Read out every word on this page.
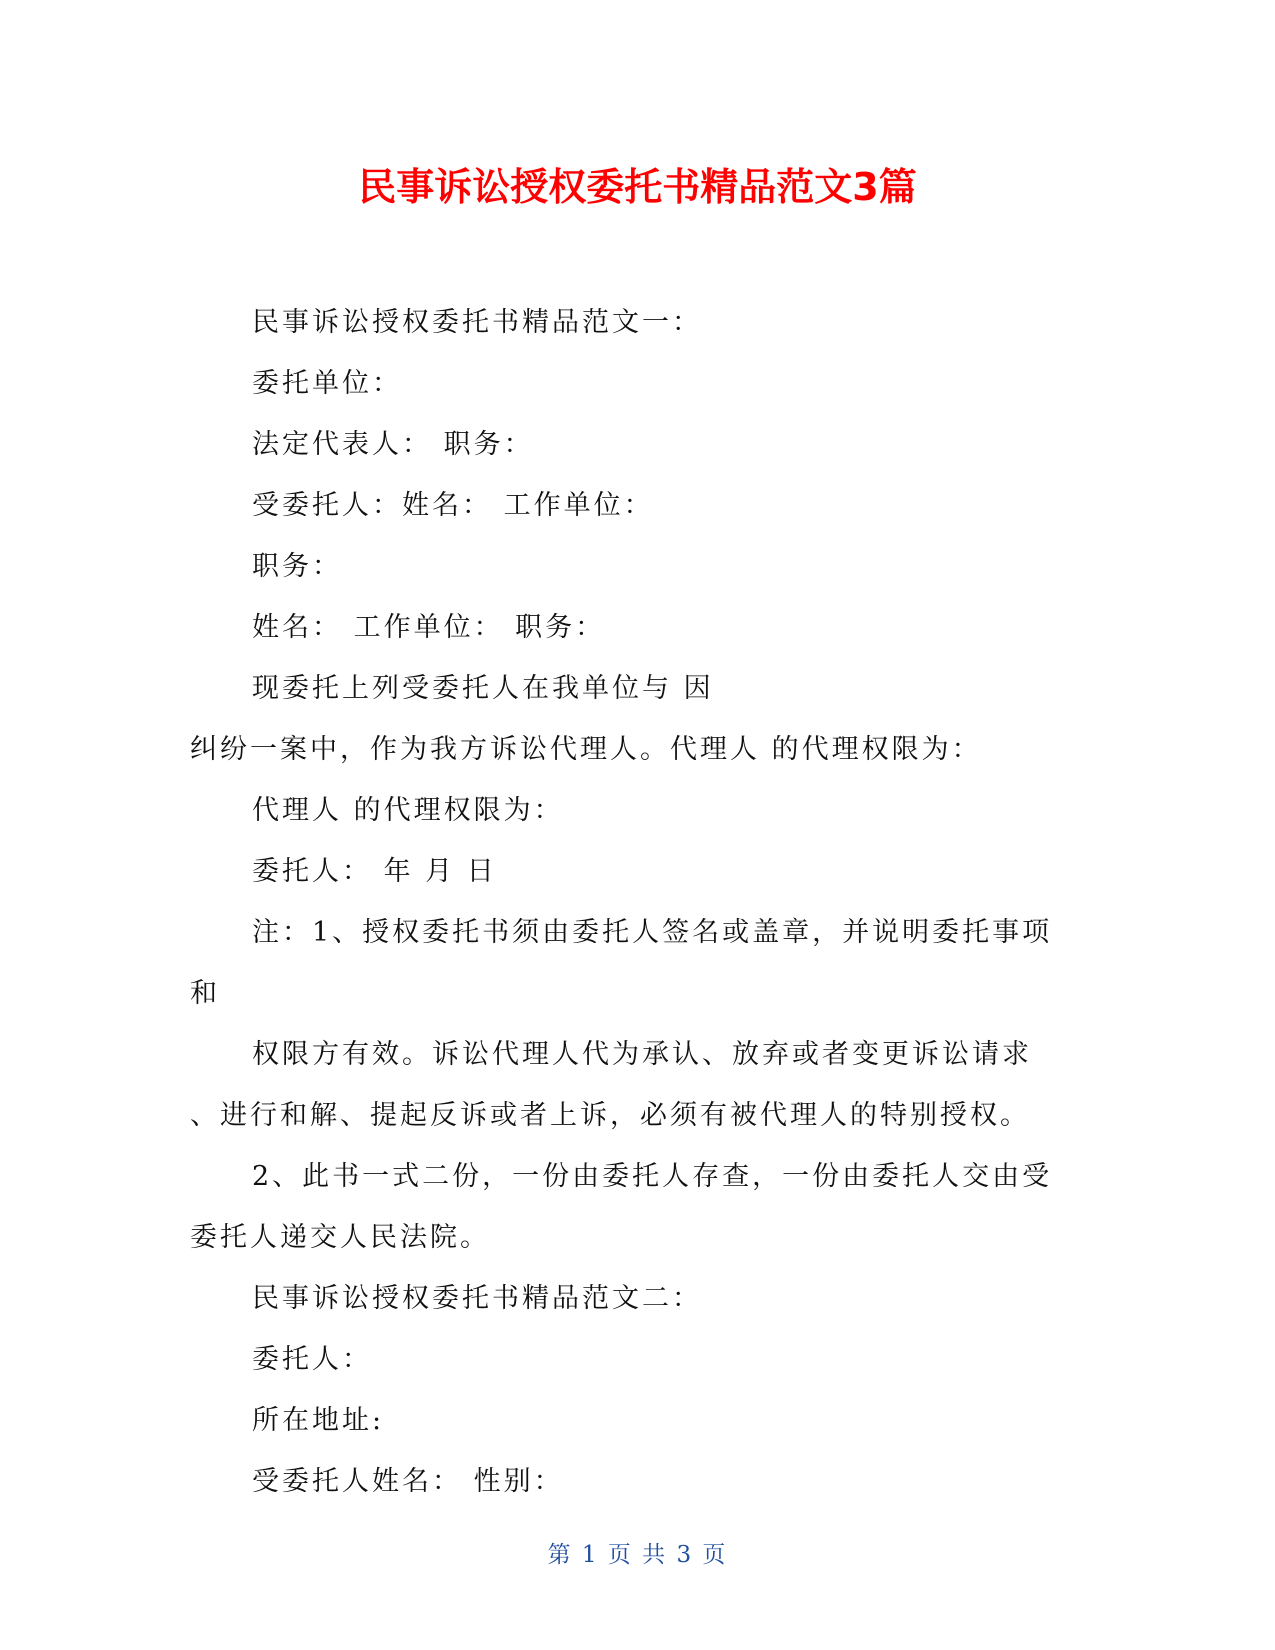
民事诉讼授权委托书精品范文3篇
民事诉讼授权委托书精品范文一：
委托单位：
法定代表人： 职务：
受委托人：姓名： 工作单位：
职务：
姓名： 工作单位： 职务：
现委托上列受委托人在我单位与 因
纠纷一案中，作为我方诉讼代理人。代理人 的代理权限为：
代理人 的代理权限为：
委托人： 年 月 日
注：1、授权委托书须由委托人签名或盖章，并说明委托事项
和
权限方有效。诉讼代理人代为承认、放弃或者变更诉讼请求
、进行和解、提起反诉或者上诉，必须有被代理人的特别授权。
2、此书一式二份，一份由委托人存查，一份由委托人交由受
委托人递交人民法院。
民事诉讼授权委托书精品范文二：
委托人：
所在地址:
受委托人姓名： 性别：
第 1 页 共 3 页
